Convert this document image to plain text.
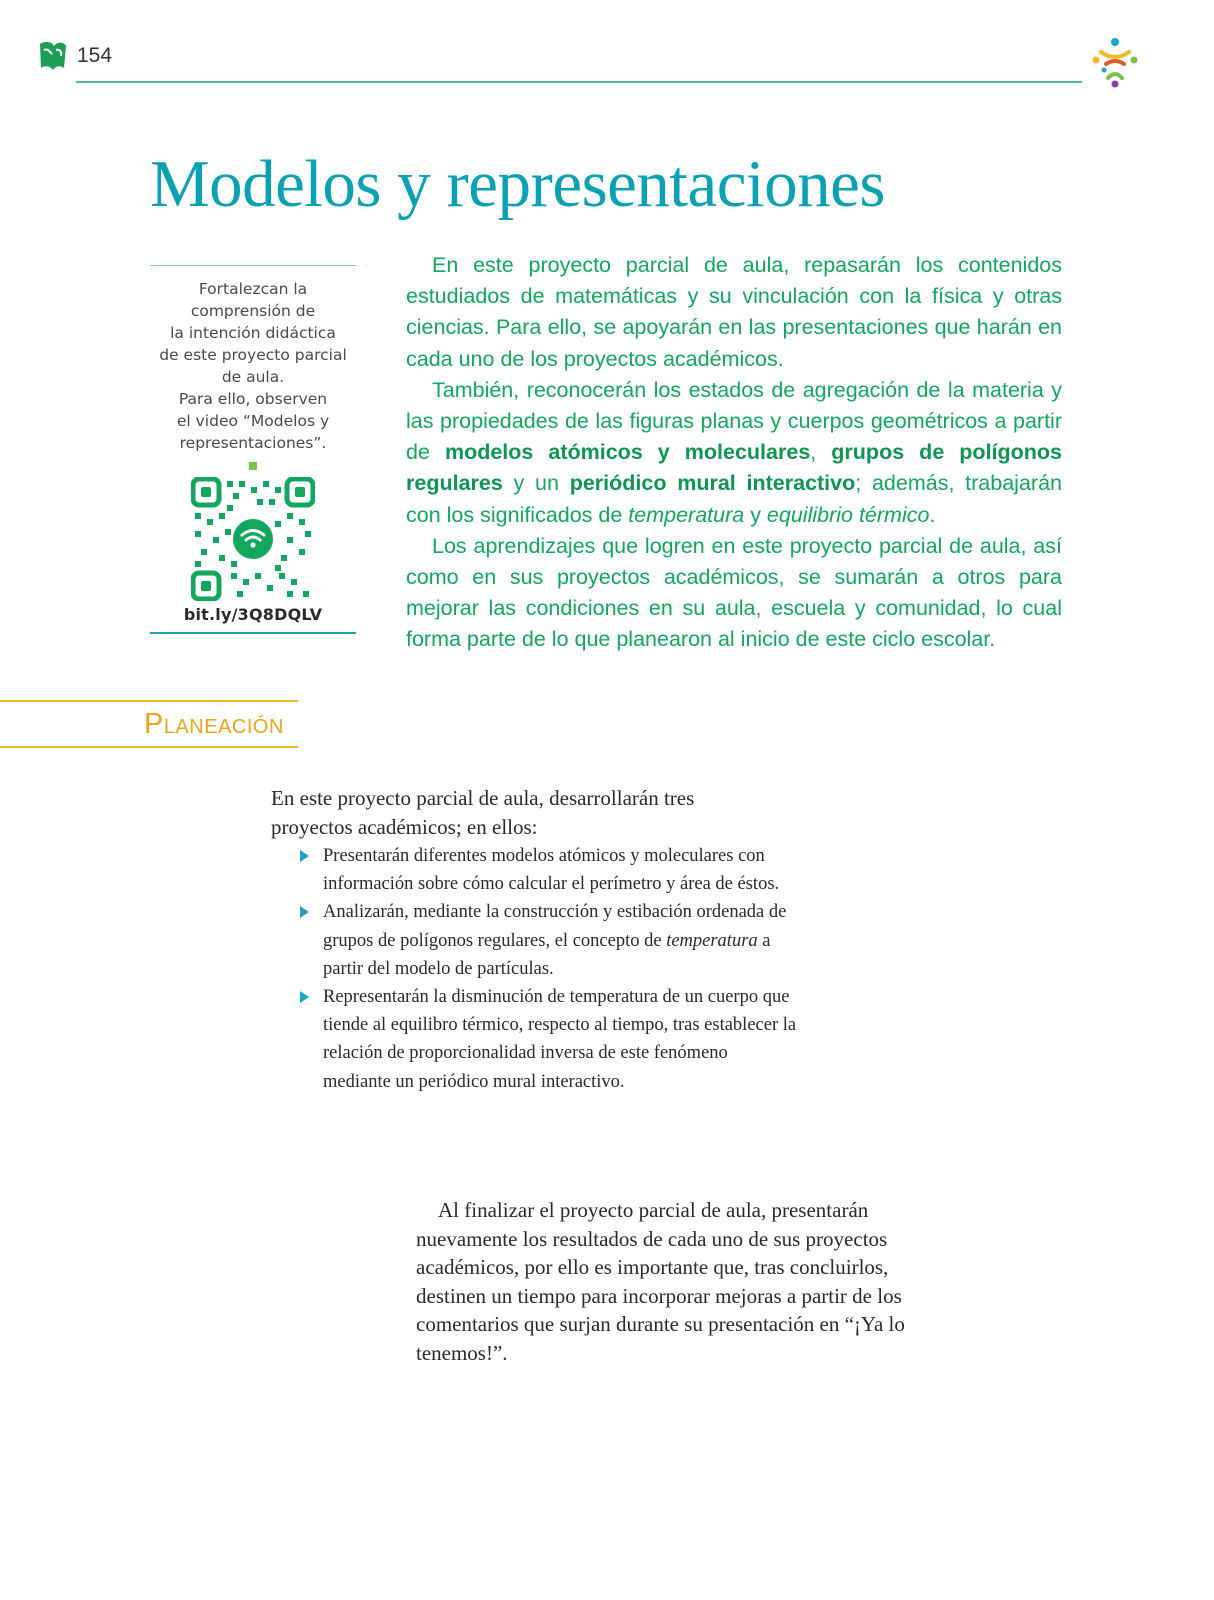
154
Modelos y representaciones
Fortalezcan la
comprensión de
la intención didáctica
de este proyecto parcial
de aula.
Para ello, observen
el video “Modelos y
representaciones”.
bit.ly/3Q8DQLV

En este proyecto parcial de aula, repasarán los contenidos estudiados de matemáticas y su vinculación con la física y otras ciencias. Para ello, se apoyarán en las presentaciones que harán en cada uno de los proyectos académicos.

También, reconocerán los estados de agregación de la materia y las propiedades de las figuras planas y cuerpos geométricos a partir de modelos atómicos y moleculares, grupos de polígonos regulares y un periódico mural interactivo; además, trabajarán con los significados de temperatura y equilibrio térmico.

Los aprendizajes que logren en este proyecto parcial de aula, así como en sus proyectos académicos, se sumarán a otros para mejorar las condiciones en su aula, escuela y comunidad, lo cual forma parte de lo que planearon al inicio de este ciclo escolar.

Planeación
En este proyecto parcial de aula, desarrollarán tres proyectos académicos; en ellos:
Presentarán diferentes modelos atómicos y moleculares con información sobre cómo calcular el perímetro y área de éstos.
Analizarán, mediante la construcción y estibación ordenada de grupos de polígonos regulares, el concepto de temperatura a partir del modelo de partículas.
Representarán la disminución de temperatura de un cuerpo que tiende al equilibro térmico, respecto al tiempo, tras establecer la relación de proporcionalidad inversa de este fenómeno mediante un periódico mural interactivo.
Al finalizar el proyecto parcial de aula, presentarán nuevamente los resultados de cada uno de sus proyectos académicos, por ello es importante que, tras concluirlos, destinen un tiempo para incorporar mejoras a partir de los comentarios que surjan durante su presentación en “¡Ya lo tenemos!”.
